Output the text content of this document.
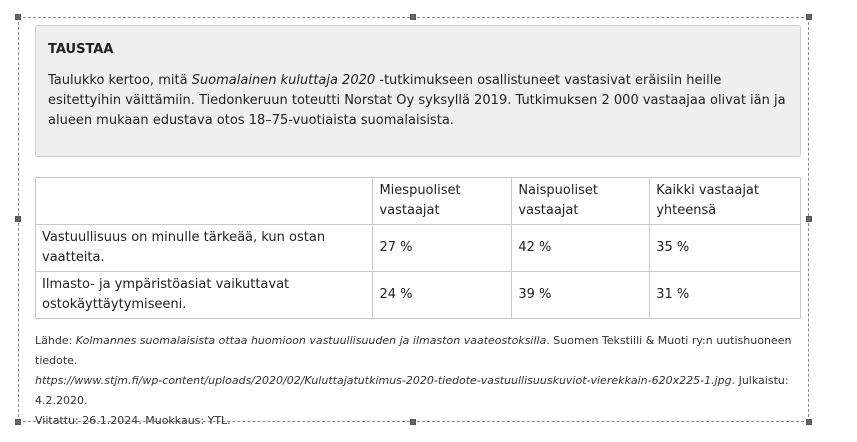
TAUSTAA

Taulukko kertoo, mitä Suomalainen kuluttaja 2020 -tutkimukseen osallistuneet vastasivat eräisiin heille esitettyihin väittämiin. Tiedonkeruun toteutti Norstat Oy syksyllä 2019. Tutkimuksen 2 000 vastaajaa olivat iän ja alueen mukaan edustava otos 18–75-vuotiaista suomalaisista.

	Miespuoliset vastaajat	Naispuoliset vastaajat	Kaikki vastaajat yhteensä
Vastuullisuus on minulle tärkeää, kun ostan vaatteita.	27 %	42 %	35 %
Ilmasto- ja ympäristöasiat vaikuttavat ostokäyttäytymiseeni.	24 %	39 %	31 %
Lähde: Kolmannes suomalaisista ottaa huomioon vastuullisuuden ja ilmaston vaateostoksilla. Suomen Tekstiili & Muoti ry:n uutishuoneen tiedote.
https://www.stjm.fi/wp-content/uploads/2020/02/Kuluttajatutkimus-2020-tiedote-vastuullisuuskuviot-vierekkain-620x225-1.jpg. Julkaistu: 4.2.2020.
Viitattu: 26.1.2024. Muokkaus: YTL.
